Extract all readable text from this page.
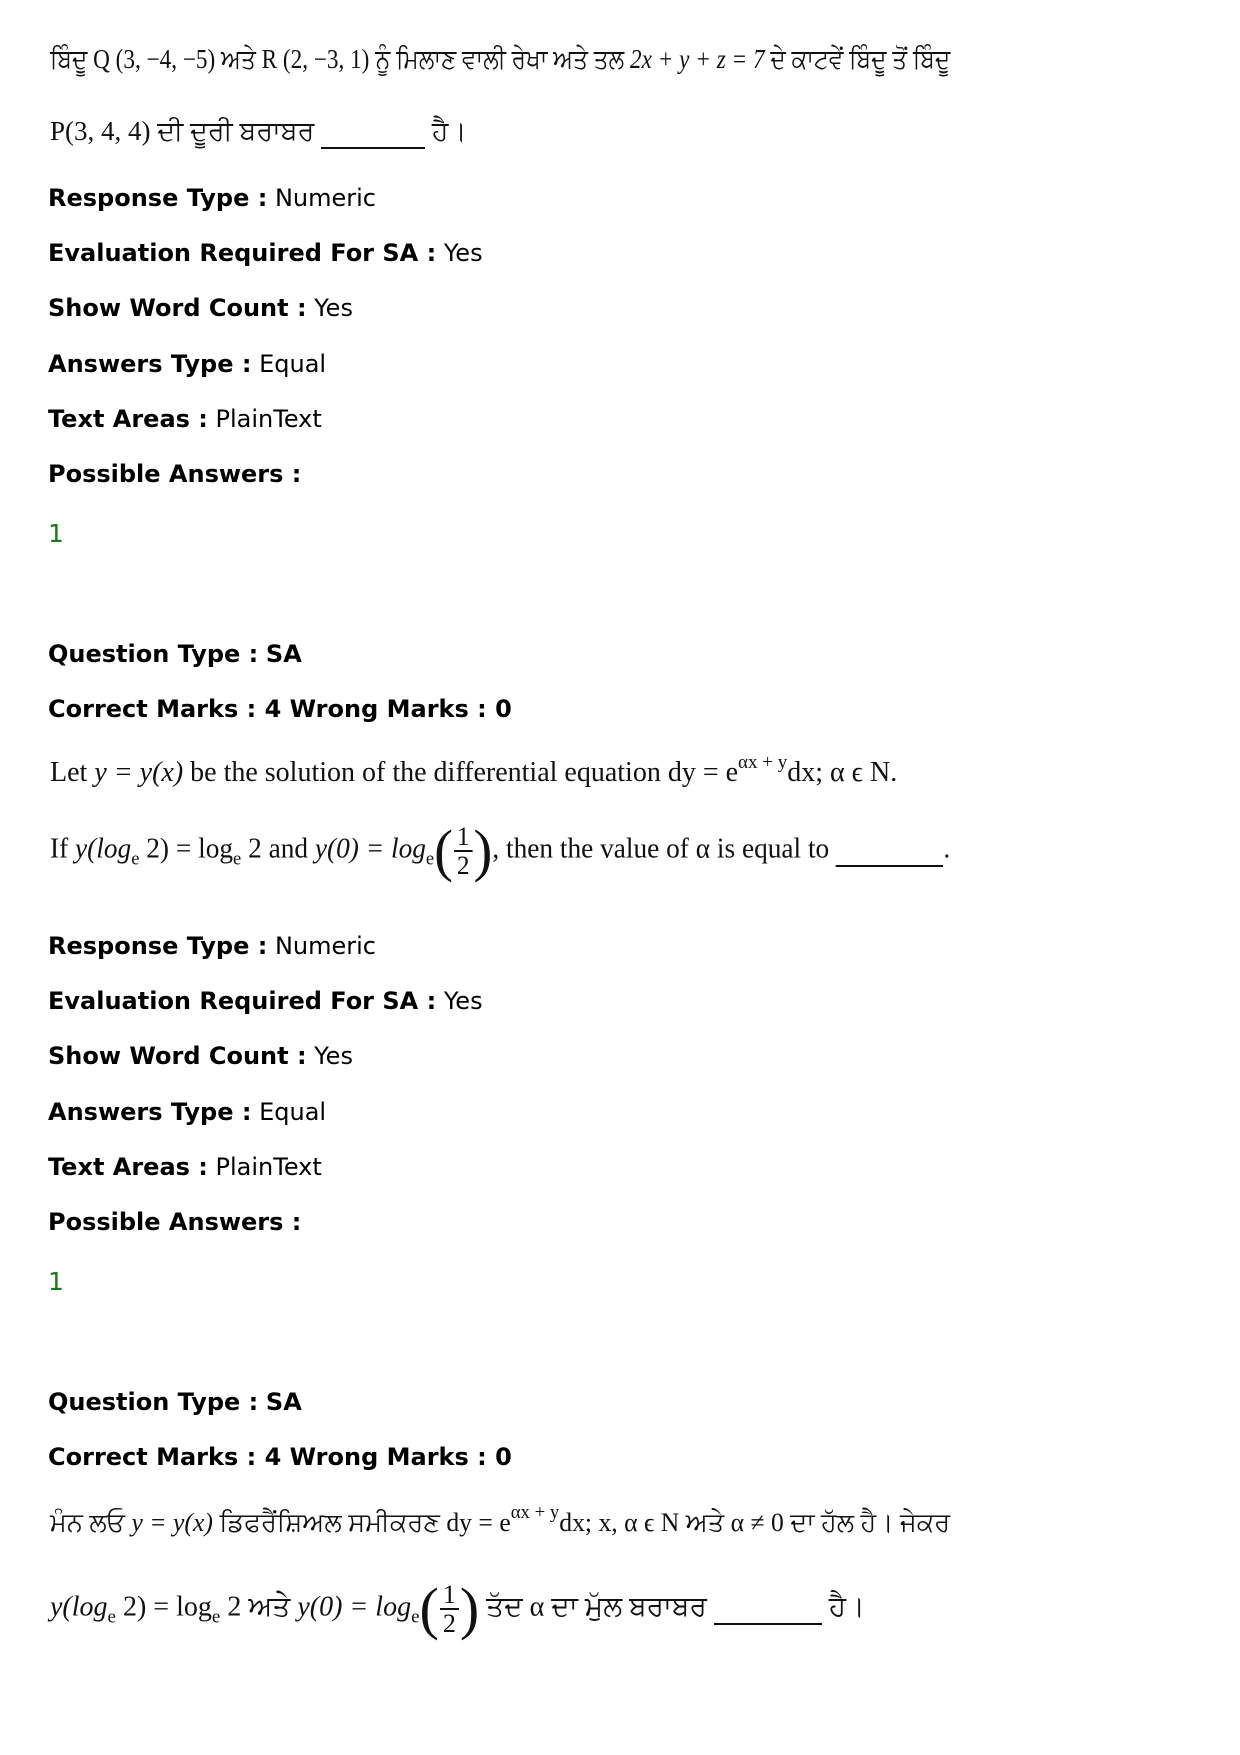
ਬਿੰਦੂ Q (3, −4, −5) ਅਤੇ R (2, −3, 1) ਨੂੰ ਮਿਲਾਣ ਵਾਲੀ ਰੇਖਾ ਅਤੇ ਤਲ 2x + y + z = 7 ਦੇ ਕਾਟਵੇਂ ਬਿੰਦੂ ਤੋਂ ਬਿੰਦੂ
P(3, 4, 4) ਦੀ ਦੂਰੀ ਬਰਾਬਰ	ਹੈ।
Response Type : Numeric
Evaluation Required For SA : Yes
Show Word Count : Yes
Answers Type : Equal
Text Areas : PlainText
Possible Answers :
1
Question Type : SA
Correct Marks : 4 Wrong Marks : 0
Let y = y(x) be the solution of the differential equation dy = $e^{\alpha x + y}dx$; α ϵ N.
If $y(\log_e$ $2) = \log_e 2$ and $y(0) = \log_e( \frac{1}{2}$ ), then the value of α is equal to	.
Response Type : Numeric
Evaluation Required For SA : Yes
Show Word Count : Yes
Answers Type : Equal
Text Areas : PlainText
Possible Answers :
1
Question Type : SA
Correct Marks : 4 Wrong Marks : 0
ਮੰਨ ਲਓ y = y(x) ਡਿਫਰੈਂਸ਼ਿਅਲ ਸਮੀਕਰਣ dy = $e^{\alpha x + y}dx$; x, α ϵ N ਅਤੇ α ≠ 0 ਦਾ ਹੱਲ ਹੈ। ਜੇਕਰ
$y(\log_e$ $2) = \log_e 2$ ਅਤੇ $y(0) = \log_e( \frac{1}{2}$ ) ਤੱਦ α ਦਾ ਮੁੱਲ ਬਰਾਬਰ	ਹੈ।
